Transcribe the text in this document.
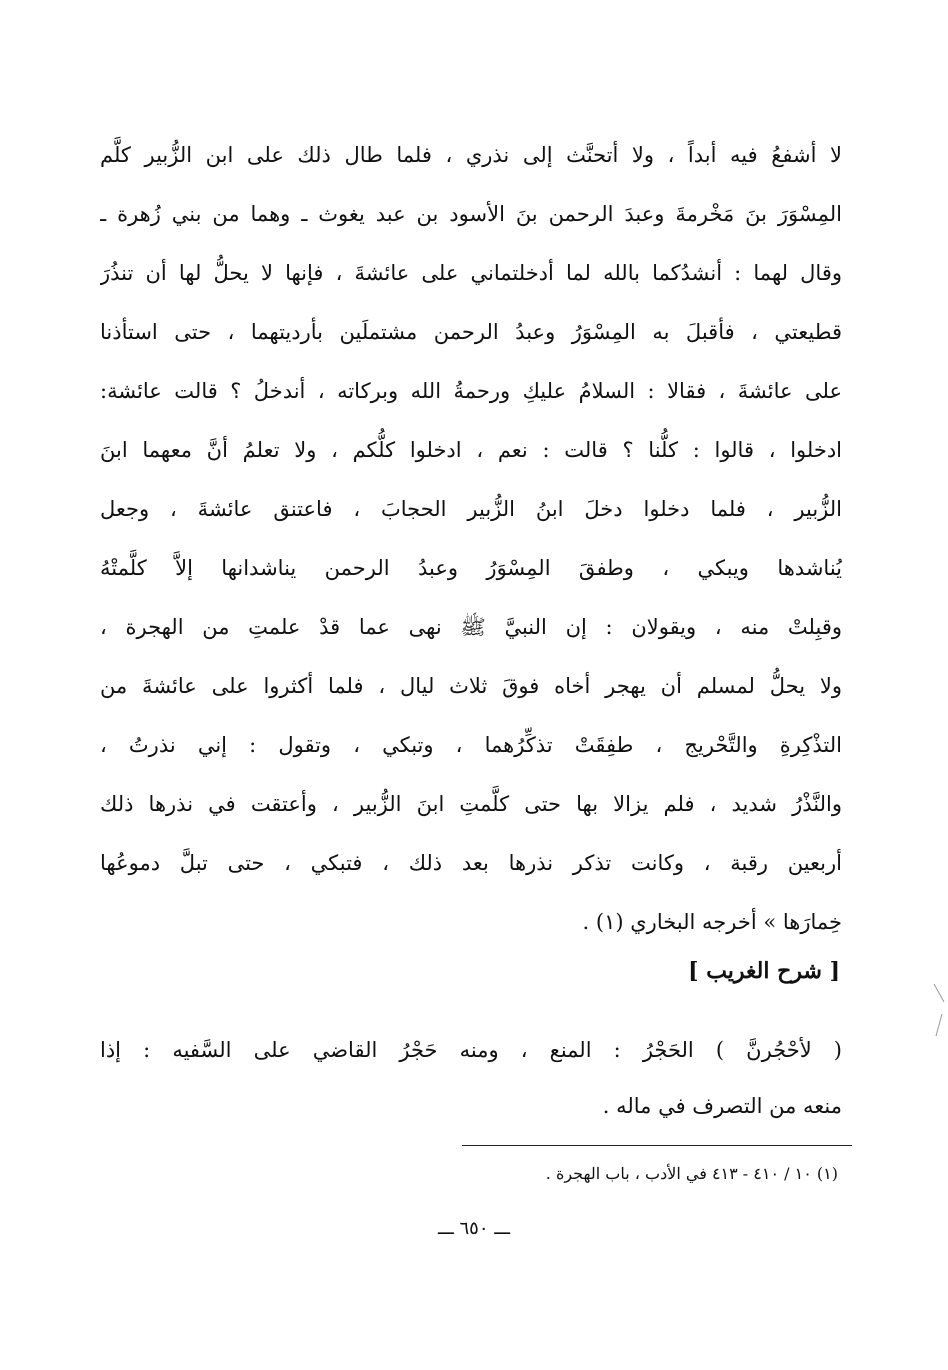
لا أشفعُ فيه أبداً ، ولا أتحنَّث إلى نذري ، فلما طال ذلك على ابن الزُّبير كلَّم
المِسْوَرَ بنَ مَخْرمةَ وعبدَ الرحمن بنَ الأسود بن عبد يغوث ـ وهما من بني زُهرة ـ
وقال لهما : أنشدُكما بالله لما أدخلتماني على عائشةَ ، فإنها لا يحلُّ لها أن تنذُرَ
قطيعتي ، فأقبلَ به المِسْوَرُ وعبدُ الرحمن مشتملَين بأرديتهما ، حتى استأذنا
على عائشةَ ، فقالا : السلامُ عليكِ ورحمةُ الله وبركاته ، أندخلُ ؟ قالت عائشة:
ادخلوا ، قالوا : كلُّنا ؟ قالت : نعم ، ادخلوا كلُّكم ، ولا تعلمُ أنَّ معهما ابنَ
الزُّبير ، فلما دخلوا دخلَ ابنُ الزُّبير الحجابَ ، فاعتنق عائشةَ ، وجعل
يُناشدها ويبكي ، وطفقَ المِسْوَرُ وعبدُ الرحمن يناشدانها إلاَّ كلَّمتْهُ
وقبِلتْ منه ، ويقولان : إن النبيَّ ﷺ نهى عما قدْ علمتِ من الهجرة ،
ولا يحلُّ لمسلم أن يهجر أخاه فوقَ ثلاث ليال ، فلما أكثروا على عائشةَ من
التذْكِرةِ والتَّحْريج ، طفِقَتْ تذكِّرُهما ، وتبكي ، وتقول : إني نذرتُ ،
والنَّذْرُ شديد ، فلم يزالا بها حتى كلَّمتِ ابنَ الزُّبير ، وأعتقت في نذرها ذلك
أربعين رقبة ، وكانت تذكر نذرها بعد ذلك ، فتبكي ، حتى تبلَّ دموعُها
خِمارَها » أخرجه البخاري (١) .
[ شرح الغريب ]
( لأحْجُرنَّ ) الحَجْرُ : المنع ، ومنه حَجْرُ القاضي على السَّفيه : إذا
منعه من التصرف في ماله .
(١) ١٠ / ٤١٠ - ٤١٣ في الأدب ، باب الهجرة .
ـــ ٦٥٠ ـــ
